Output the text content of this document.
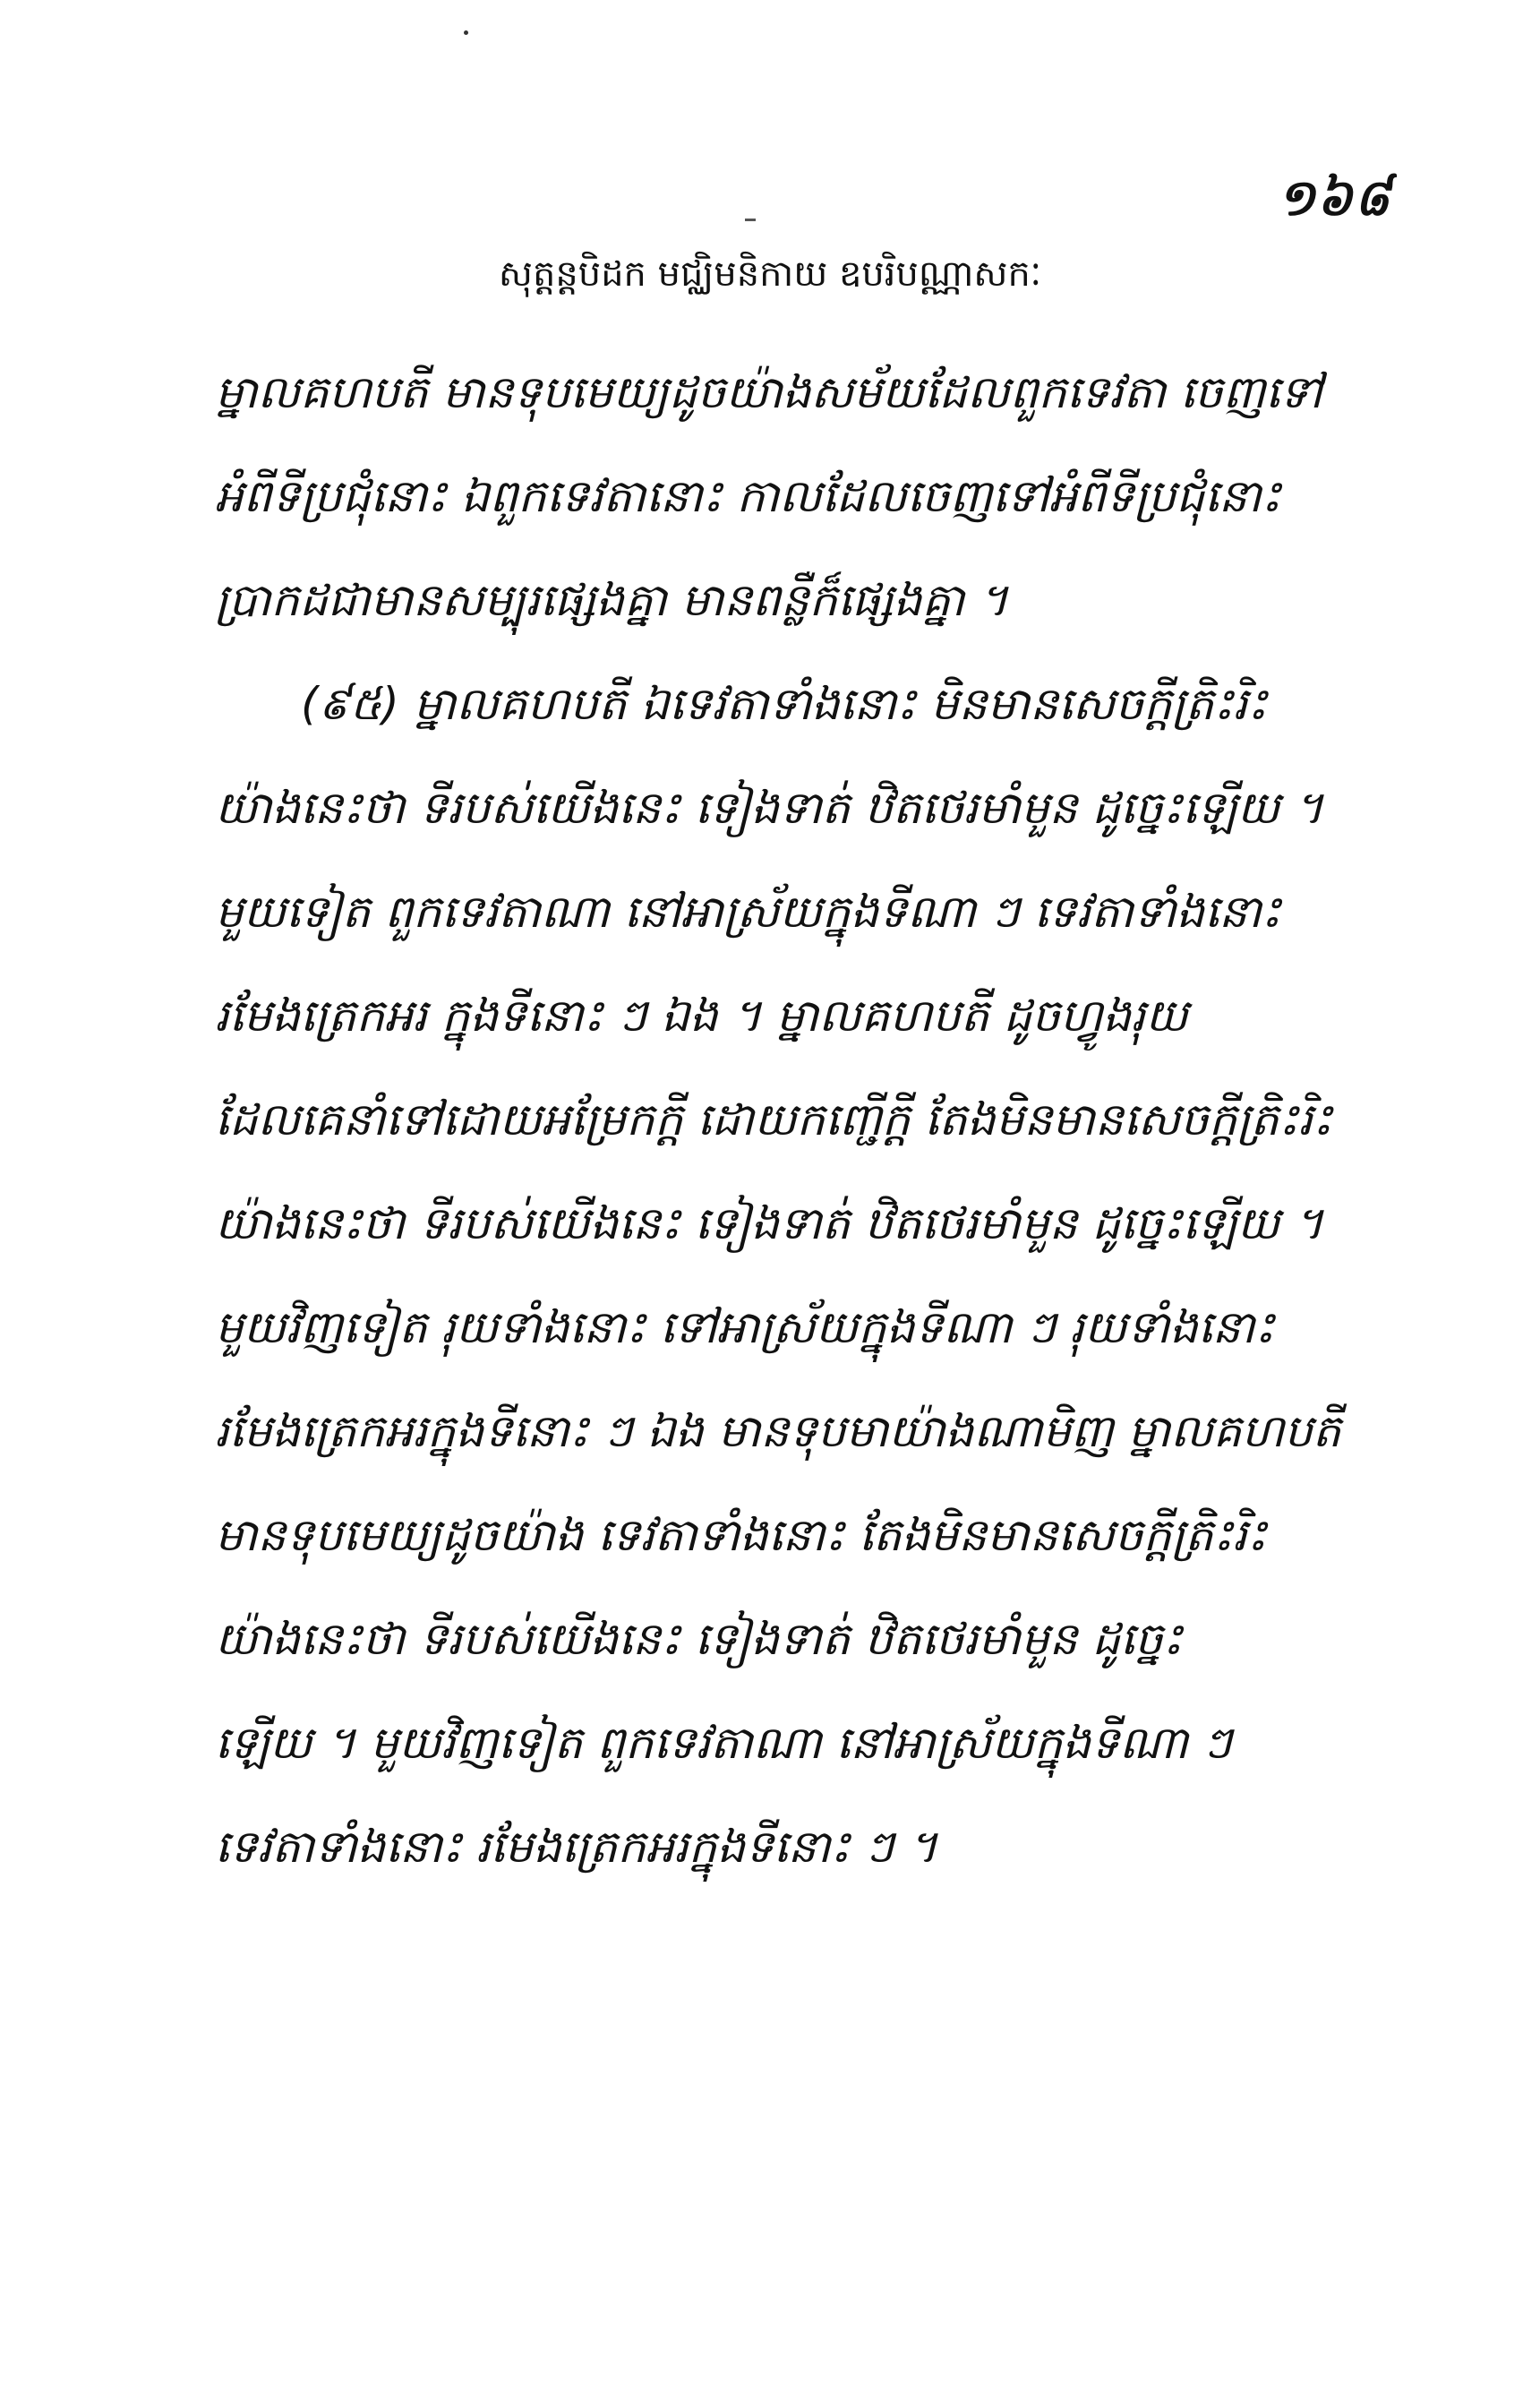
១៦៨
សុត្តន្តបិដក មជ្ឈិមនិកាយ ឧបរិបណ្ណាសកៈ
ម្នាលគហបតី មានទុបមេយ្យដូចយ៉ាងសម័យដែលពួកទេវតា ចេញទៅ
អំពីទីប្រជុំនោះ ឯពួកទេវតានោះ កាលដែលចេញទៅអំពីទីប្រជុំនោះ
ប្រាកដជាមានសម្បុរផ្សេងគ្នា មានពន្លឺក៏ផ្សេងគ្នា ។
(៩៥) ម្នាលគហបតី ឯទេវតាទាំងនោះ មិនមានសេចក្តីត្រិះរិះ
យ៉ាងនេះថា ទីរបស់យើងនេះ ទៀងទាត់ ឋិតថេរមាំមួន ដូច្នេះឡើយ ។
មួយទៀត ពួកទេវតាណា នៅអាស្រ័យក្នុងទីណា ៗ ទេវតាទាំងនោះ
រមែងត្រេកអរ ក្នុងទីនោះ ៗ ឯង ។ ម្នាលគហបតី ដូចហ្វូងរុយ
ដែលគេនាំទៅដោយអម្រែកក្តី ដោយកញ្ជើក្តី តែងមិនមានសេចក្តីត្រិះរិះ
យ៉ាងនេះថា ទីរបស់យើងនេះ ទៀងទាត់ ឋិតថេរមាំមួន ដូច្នេះឡើយ ។
មួយវិញទៀត រុយទាំងនោះ ទៅអាស្រ័យក្នុងទីណា ៗ រុយទាំងនោះ
រមែងត្រេកអរក្នុងទីនោះ ៗ ឯង មានទុបមាយ៉ាងណាមិញ ម្នាលគហបតី
មានទុបមេយ្យដូចយ៉ាង ទេវតាទាំងនោះ តែងមិនមានសេចក្តីត្រិះរិះ
យ៉ាងនេះថា ទីរបស់យើងនេះ ទៀងទាត់ ឋិតថេរមាំមួន ដូច្នេះ
ឡើយ ។ មួយវិញទៀត ពួកទេវតាណា នៅអាស្រ័យក្នុងទីណា ៗ
ទេវតាទាំងនោះ រមែងត្រេកអរក្នុងទីនោះ ៗ ។
